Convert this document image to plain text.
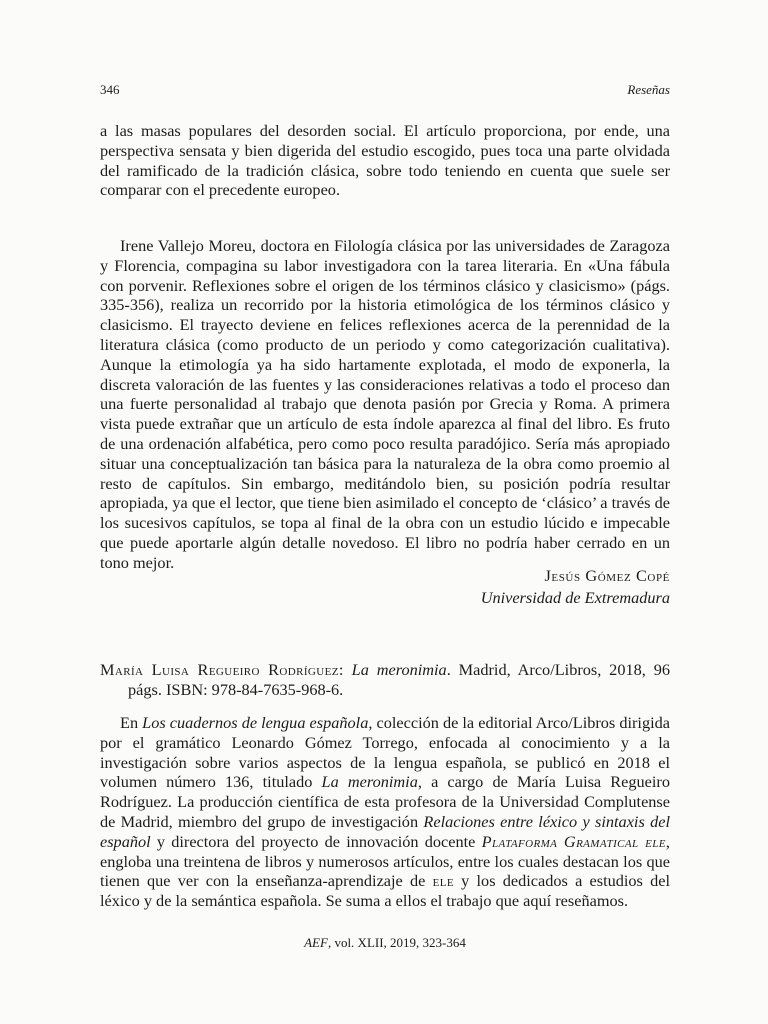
346	Reseñas

a las masas populares del desorden social. El artículo proporciona, por ende, una perspectiva sensata y bien digerida del estudio escogido, pues toca una parte olvidada del ramificado de la tradición clásica, sobre todo teniendo en cuenta que suele ser comparar con el precedente europeo.

Irene Vallejo Moreu, doctora en Filología clásica por las universidades de Zaragoza y Florencia, compagina su labor investigadora con la tarea literaria. En «Una fábula con porvenir. Reflexiones sobre el origen de los términos clásico y clasicismo» (págs. 335-356), realiza un recorrido por la historia etimológica de los términos clásico y clasicismo. El trayecto deviene en felices reflexiones acerca de la perennidad de la literatura clásica (como producto de un periodo y como categorización cualitativa). Aunque la etimología ya ha sido hartamente explotada, el modo de exponerla, la discreta valoración de las fuentes y las consideraciones relativas a todo el proceso dan una fuerte personalidad al trabajo que denota pasión por Grecia y Roma. A primera vista puede extrañar que un artículo de esta índole aparezca al final del libro. Es fruto de una ordenación alfabética, pero como poco resulta paradójico. Sería más apropiado situar una conceptualización tan básica para la naturaleza de la obra como proemio al resto de capítulos. Sin embargo, meditándolo bien, su posición podría resultar apropiada, ya que el lector, que tiene bien asimilado el concepto de ‘clásico’ a través de los sucesivos capítulos, se topa al final de la obra con un estudio lúcido e impecable que puede aportarle algún detalle novedoso. El libro no podría haber cerrado en un tono mejor.

Jesús Gómez Copé
Universidad de Extremadura

María Luisa Regueiro Rodríguez: La meronimia. Madrid, Arco/Libros, 2018, 96 págs. ISBN: 978-84-7635-968-6.

En Los cuadernos de lengua española, colección de la editorial Arco/Libros dirigida por el gramático Leonardo Gómez Torrego, enfocada al conocimiento y a la investigación sobre varios aspectos de la lengua española, se publicó en 2018 el volumen número 136, titulado La meronimia, a cargo de María Luisa Regueiro Rodríguez. La producción científica de esta profesora de la Universidad Complutense de Madrid, miembro del grupo de investigación Relaciones entre léxico y sintaxis del español y directora del proyecto de innovación docente Plataforma Gramatical ele, engloba una treintena de libros y numerosos artículos, entre los cuales destacan los que tienen que ver con la enseñanza-aprendizaje de ele y los dedicados a estudios del léxico y de la semántica española. Se suma a ellos el trabajo que aquí reseñamos.

AEF, vol. XLII, 2019, 323-364
